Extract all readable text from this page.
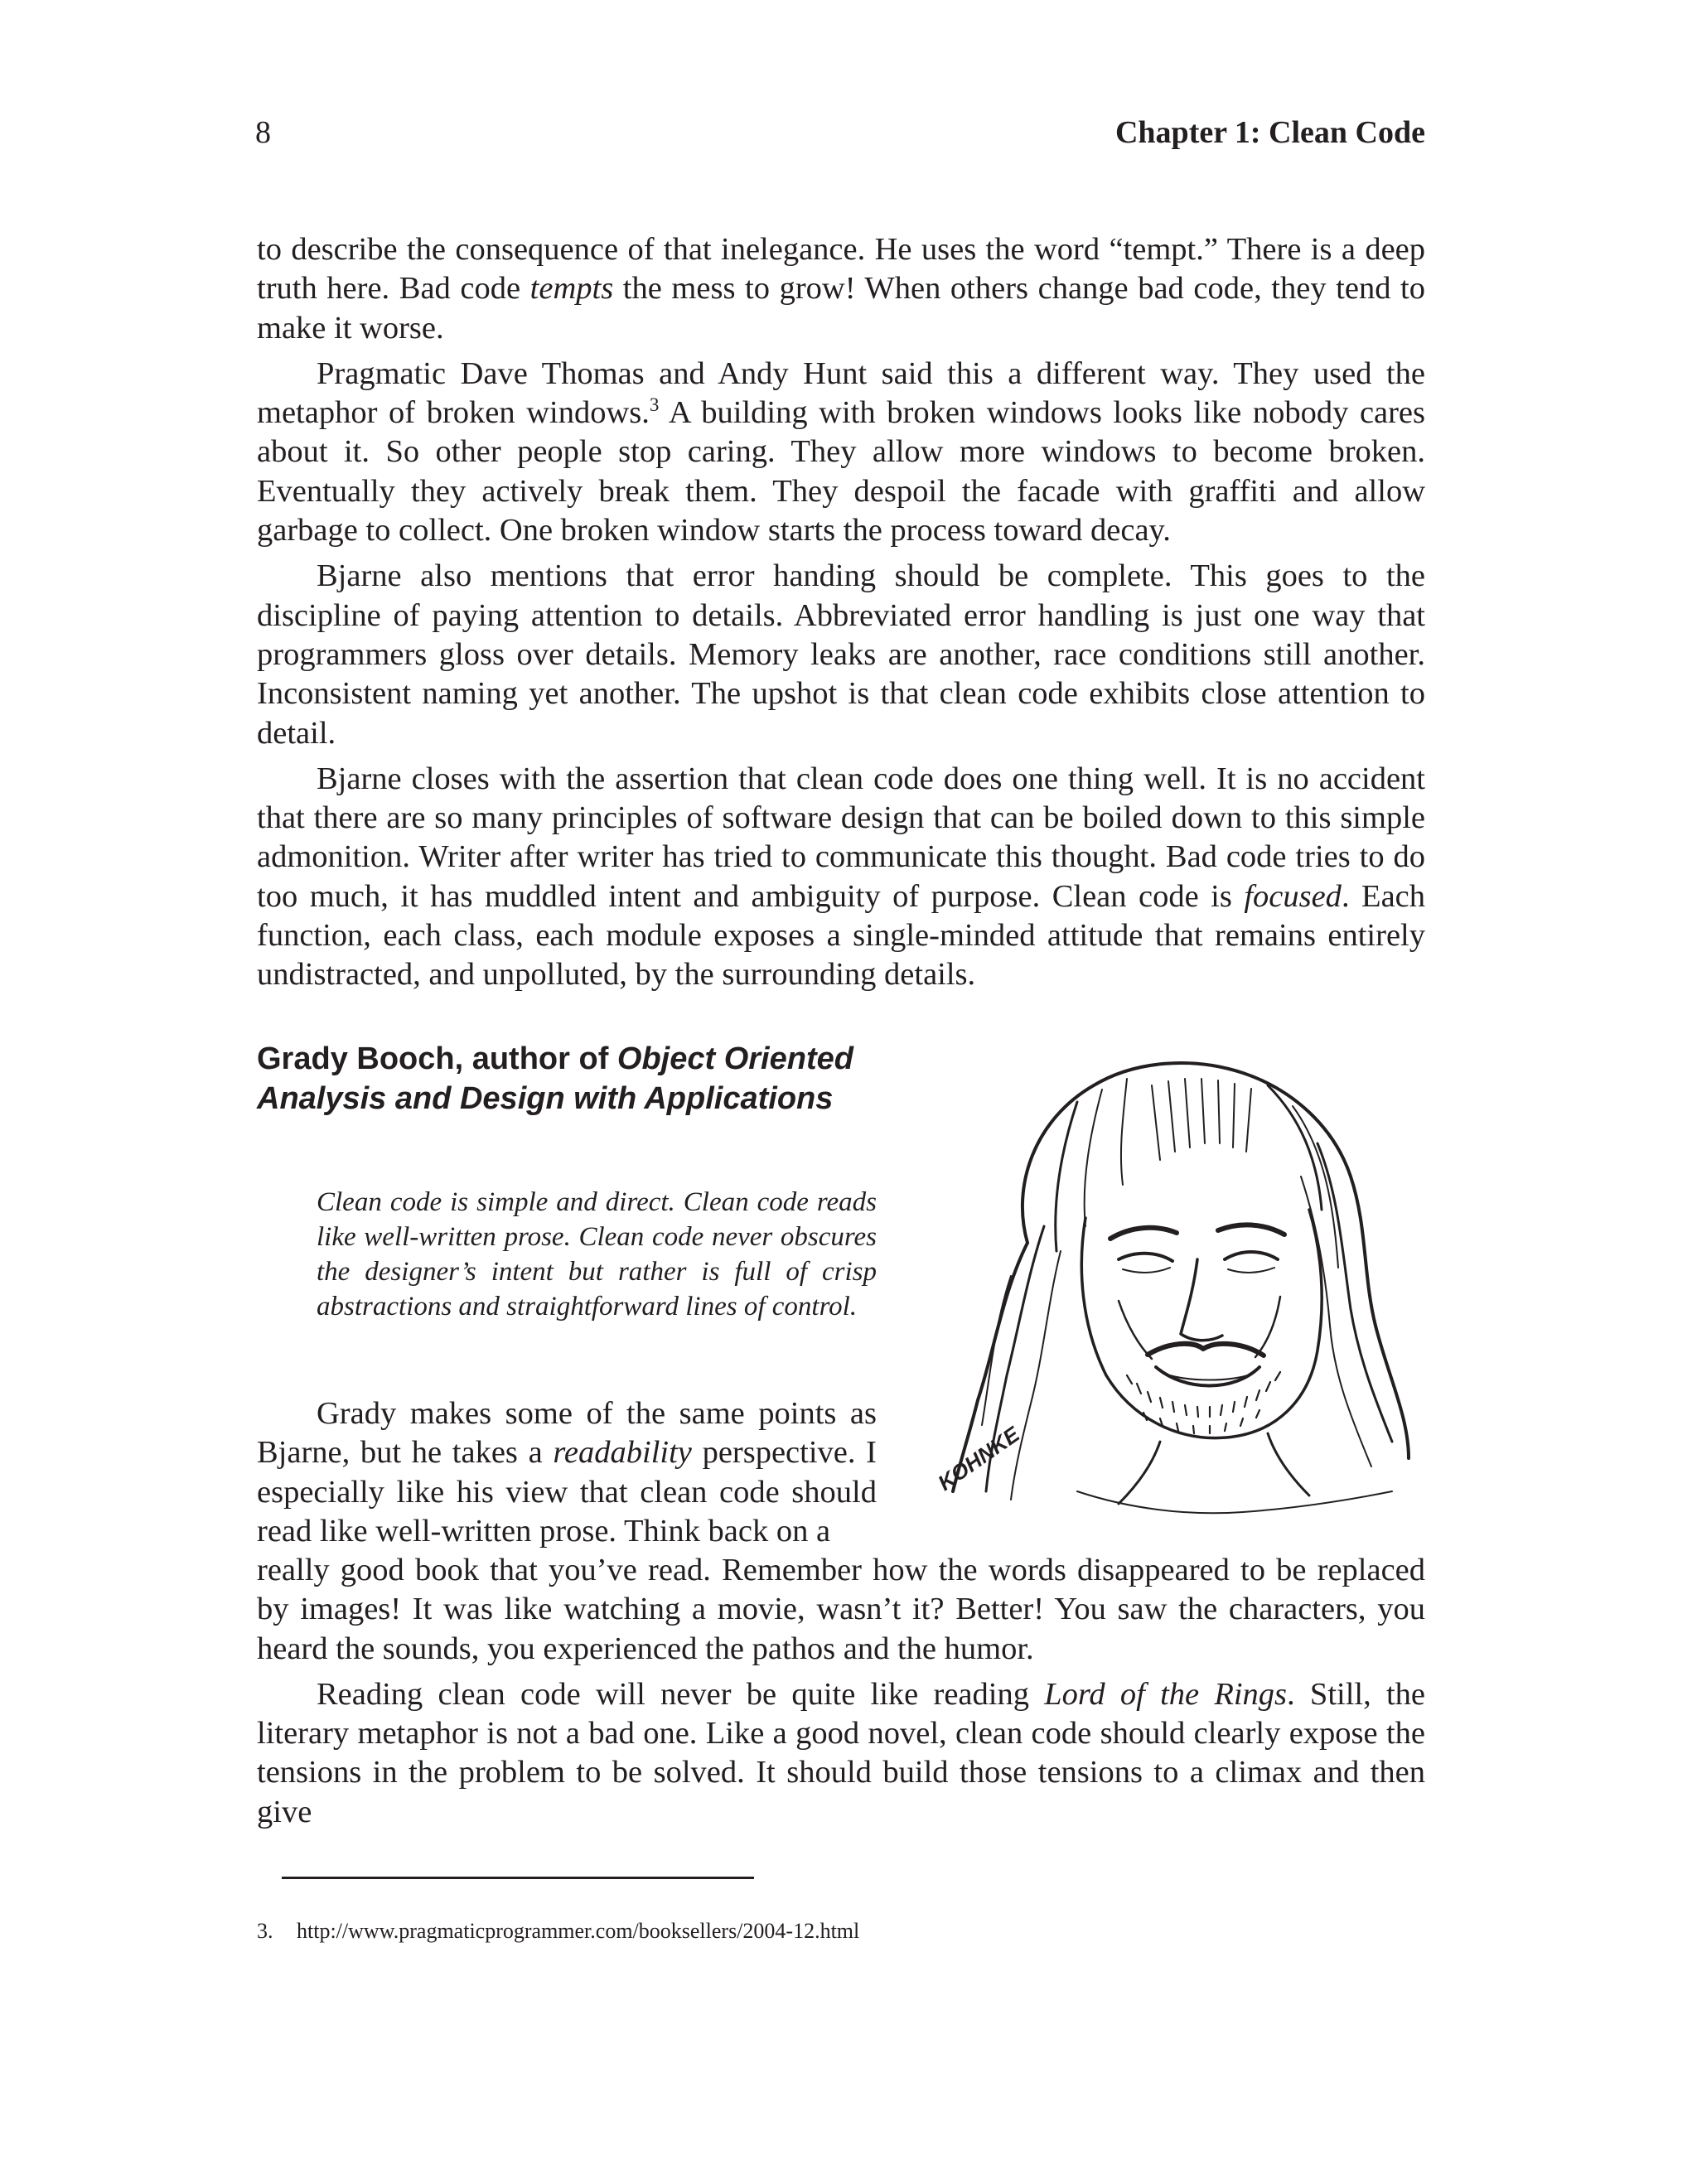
8	Chapter 1: Clean Code

to describe the consequence of that inelegance. He uses the word “tempt.” There is a deep truth here. Bad code tempts the mess to grow! When others change bad code, they tend to make it worse.

Pragmatic Dave Thomas and Andy Hunt said this a different way. They used the metaphor of broken windows.$^3$ A building with broken windows looks like nobody cares about it. So other people stop caring. They allow more windows to become broken. Eventually they actively break them. They despoil the facade with graffiti and allow garbage to collect. One broken window starts the process toward decay.

Bjarne also mentions that error handing should be complete. This goes to the discipline of paying attention to details. Abbreviated error handling is just one way that programmers gloss over details. Memory leaks are another, race conditions still another. Inconsistent naming yet another. The upshot is that clean code exhibits close attention to detail.

Bjarne closes with the assertion that clean code does one thing well. It is no accident that there are so many principles of software design that can be boiled down to this simple admonition. Writer after writer has tried to communicate this thought. Bad code tries to do too much, it has muddled intent and ambiguity of purpose. Clean code is focused. Each function, each class, each module exposes a single-minded attitude that remains entirely undistracted, and unpolluted, by the surrounding details.

Grady Booch, author of Object Oriented Analysis and Design with Applications

Clean code is simple and direct. Clean code reads like well-written prose. Clean code never obscures the designer’s intent but rather is full of crisp abstractions and straightforward lines of control.

Grady makes some of the same points as Bjarne, but he takes a readability perspective. I especially like his view that clean code should read like well-written prose. Think back on a

really good book that you’ve read. Remember how the words disappeared to be replaced by images! It was like watching a movie, wasn’t it? Better! You saw the characters, you heard the sounds, you experienced the pathos and the humor.

Reading clean code will never be quite like reading Lord of the Rings. Still, the literary metaphor is not a bad one. Like a good novel, clean code should clearly expose the tensions in the problem to be solved. It should build those tensions to a climax and then give

KOHNKE
3. http://www.pragmaticprogrammer.com/booksellers/2004-12.html
